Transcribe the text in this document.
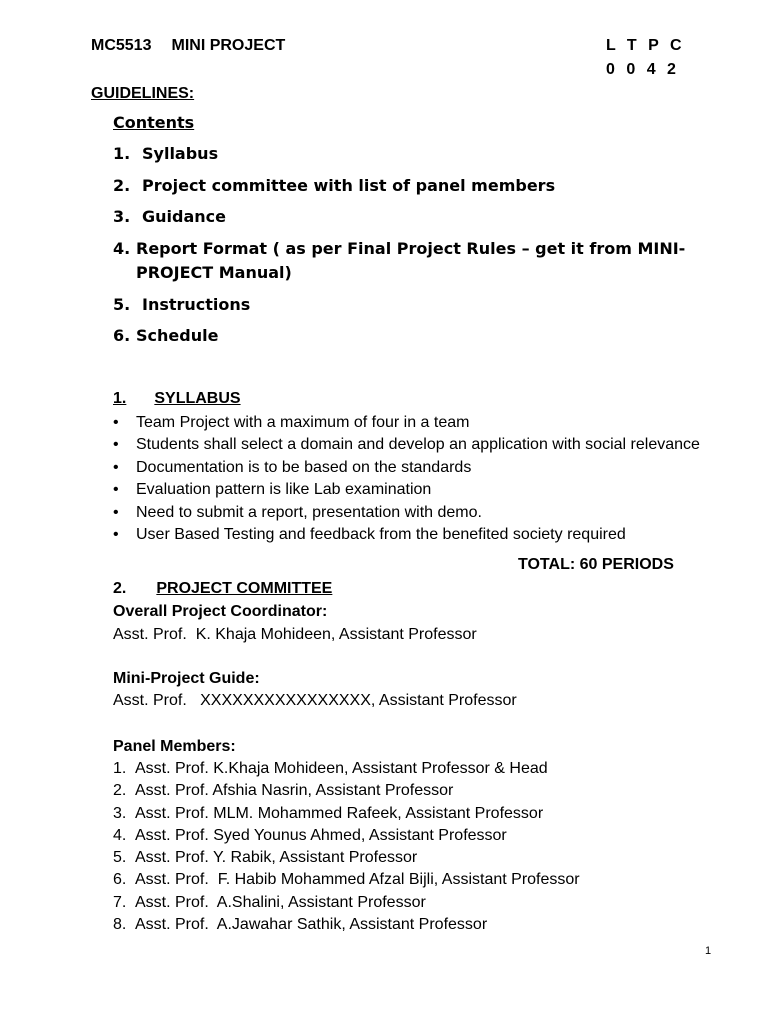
MC5513 MINI PROJECT	L T P C
0 0 4 2
GUIDELINES:
Contents
1. Syllabus
2. Project committee with list of panel members
3. Guidance
4. Report Format ( as per Final Project Rules – get it from MINI-
PROJECT Manual)
5. Instructions
6. Schedule
1. SYLLABUS
• Team Project with a maximum of four in a team
• Students shall select a domain and develop an application with social relevance
• Documentation is to be based on the standards
• Evaluation pattern is like Lab examination
• Need to submit a report, presentation with demo.
• User Based Testing and feedback from the benefited society required
TOTAL: 60 PERIODS
2. PROJECT COMMITTEE
Overall Project Coordinator:
Asst. Prof.  K. Khaja Mohideen, Assistant Professor
Mini-Project Guide:
Asst. Prof.   XXXXXXXXXXXXXXXX, Assistant Professor
Panel Members:
1. Asst. Prof. K.Khaja Mohideen, Assistant Professor & Head
2. Asst. Prof. Afshia Nasrin, Assistant Professor
3. Asst. Prof. MLM. Mohammed Rafeek, Assistant Professor
4. Asst. Prof. Syed Younus Ahmed, Assistant Professor
5. Asst. Prof. Y. Rabik, Assistant Professor
6. Asst. Prof.  F. Habib Mohammed Afzal Bijli, Assistant Professor
7. Asst. Prof.  A.Shalini, Assistant Professor
8. Asst. Prof.  A.Jawahar Sathik, Assistant Professor
1
